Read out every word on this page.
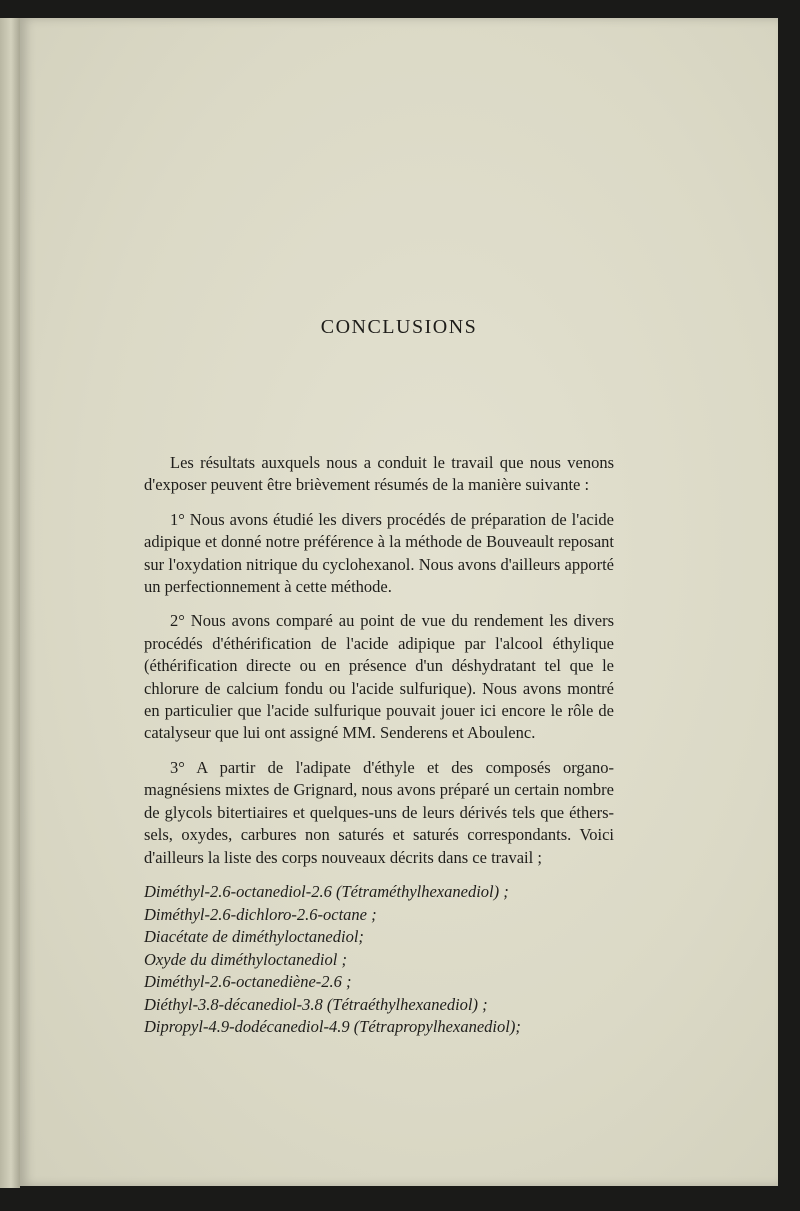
CONCLUSIONS

Les résultats auxquels nous a conduit le travail que nous venons d'exposer peuvent être brièvement résumés de la manière suivante :

1° Nous avons étudié les divers procédés de préparation de l'acide adipique et donné notre préférence à la méthode de Bouveault reposant sur l'oxydation nitrique du cyclohexanol. Nous avons d'ailleurs apporté un perfectionnement à cette méthode.

2° Nous avons comparé au point de vue du rendement les divers procédés d'éthérification de l'acide adipique par l'alcool éthylique (éthérification directe ou en présence d'un déshydratant tel que le chlorure de calcium fondu ou l'acide sulfurique). Nous avons montré en particulier que l'acide sulfurique pouvait jouer ici encore le rôle de catalyseur que lui ont assigné MM. Senderens et Aboulenc.

3° A partir de l'adipate d'éthyle et des composés organo-magnésiens mixtes de Grignard, nous avons préparé un certain nombre de glycols bitertiaires et quelques-uns de leurs dérivés tels que éthers-sels, oxydes, carbures non saturés et saturés correspondants. Voici d'ailleurs la liste des corps nouveaux décrits dans ce travail ;

Diméthyl-2.6-octanediol-2.6 (Tétraméthylhexanediol) ;
Diméthyl-2.6-dichloro-2.6-octane ;
Diacétate de diméthyloctanediol;
Oxyde du diméthyloctanediol ;
Diméthyl-2.6-octanediène-2.6 ;
Diéthyl-3.8-décanediol-3.8 (Tétraéthylhexanediol) ;
Dipropyl-4.9-dodécanediol-4.9 (Tétrapropylhexanediol);
